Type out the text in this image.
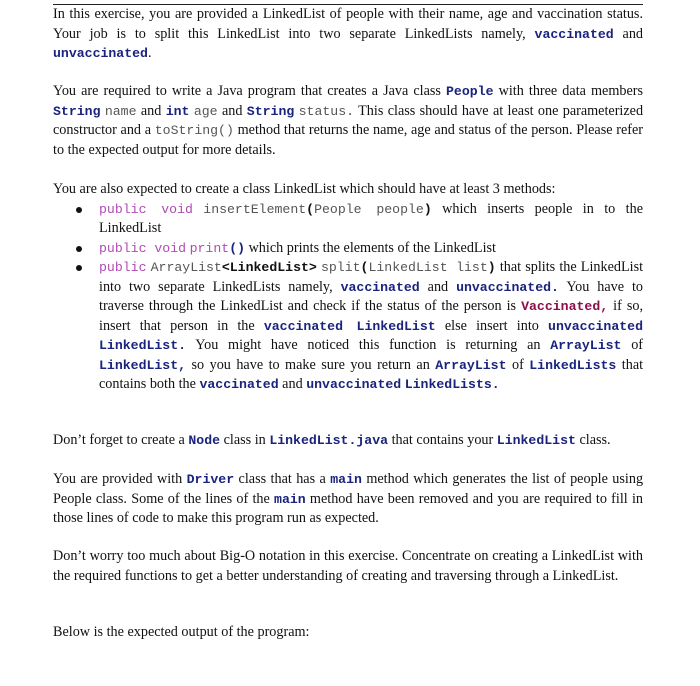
In this exercise, you are provided a LinkedList of people with their name, age and vaccination status. Your job is to split this LinkedList into two separate LinkedLists namely, vaccinated and unvaccinated.

You are required to write a Java program that creates a Java class People with three data members String name and int age and String status. This class should have at least one parameterized constructor and a toString() method that returns the name, age and status of the person. Please refer to the expected output for more details.

You are also expected to create a class LinkedList which should have at least 3 methods:

public void insertElement(People people) which inserts people in to the LinkedList
public void print() which prints the elements of the LinkedList
public ArrayList<LinkedList> split(LinkedList list) that splits the LinkedList into two separate LinkedLists namely, vaccinated and unvaccinated. You have to traverse through the LinkedList and check if the status of the person is Vaccinated, if so, insert that person in the vaccinated LinkedList else insert into unvaccinated LinkedList. You might have noticed this function is returning an ArrayList of LinkedList, so you have to make sure you return an ArrayList of LinkedLists that contains both the vaccinated and unvaccinated LinkedLists.

Don’t forget to create a Node class in LinkedList.java that contains your LinkedList class.

You are provided with Driver class that has a main method which generates the list of people using People class. Some of the lines of the main method have been removed and you are required to fill in those lines of code to make this program run as expected.

Don’t worry too much about Big-O notation in this exercise. Concentrate on creating a LinkedList with the required functions to get a better understanding of creating and traversing through a LinkedList.

Below is the expected output of the program:
